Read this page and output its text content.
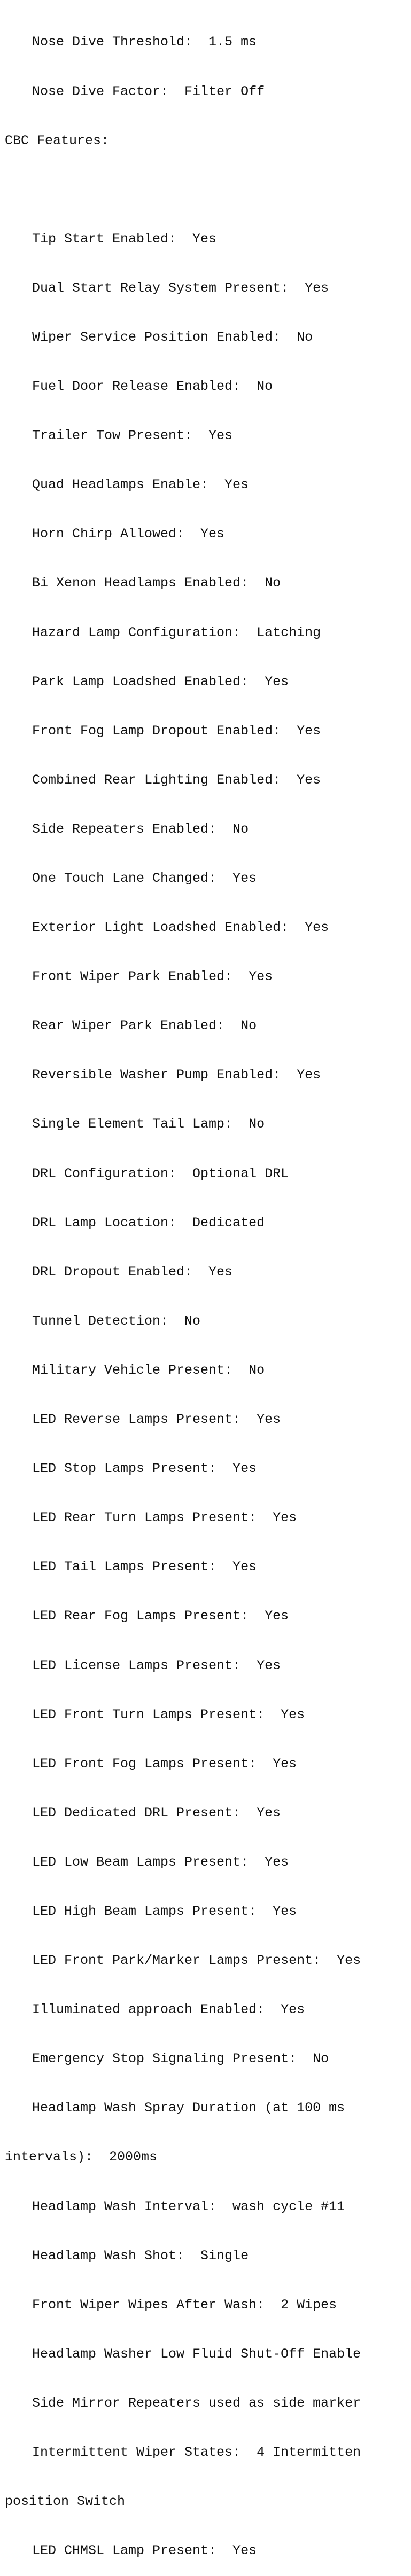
Nose Dive Threshold:  1.5 ms

Nose Dive Factor:  Filter Off

CBC Features:

Tip Start Enabled:  Yes

Dual Start Relay System Present:  Yes

Wiper Service Position Enabled:  No

Fuel Door Release Enabled:  No

Trailer Tow Present:  Yes

Quad Headlamps Enable:  Yes

Horn Chirp Allowed:  Yes

Bi Xenon Headlamps Enabled:  No

Hazard Lamp Configuration:  Latching

Park Lamp Loadshed Enabled:  Yes

Front Fog Lamp Dropout Enabled:  Yes

Combined Rear Lighting Enabled:  Yes

Side Repeaters Enabled:  No

One Touch Lane Changed:  Yes

Exterior Light Loadshed Enabled:  Yes

Front Wiper Park Enabled:  Yes

Rear Wiper Park Enabled:  No

Reversible Washer Pump Enabled:  Yes

Single Element Tail Lamp:  No

DRL Configuration:  Optional DRL

DRL Lamp Location:  Dedicated

DRL Dropout Enabled:  Yes

Tunnel Detection:  No

Military Vehicle Present:  No

LED Reverse Lamps Present:  Yes

LED Stop Lamps Present:  Yes

LED Rear Turn Lamps Present:  Yes

LED Tail Lamps Present:  Yes

LED Rear Fog Lamps Present:  Yes

LED License Lamps Present:  Yes

LED Front Turn Lamps Present:  Yes

LED Front Fog Lamps Present:  Yes

LED Dedicated DRL Present:  Yes

LED Low Beam Lamps Present:  Yes

LED High Beam Lamps Present:  Yes

LED Front Park/Marker Lamps Present:  Yes

Illuminated approach Enabled:  Yes

Emergency Stop Signaling Present:  No

Headlamp Wash Spray Duration (at 100 ms

intervals):  2000ms

Headlamp Wash Interval:  wash cycle #11

Headlamp Wash Shot:  Single

Front Wiper Wipes After Wash:  2 Wipes

Headlamp Washer Low Fluid Shut-Off Enable

Side Mirror Repeaters used as side marker

Intermittent Wiper States:  4 Intermitten

position Switch

LED CHMSL Lamp Present:  Yes
